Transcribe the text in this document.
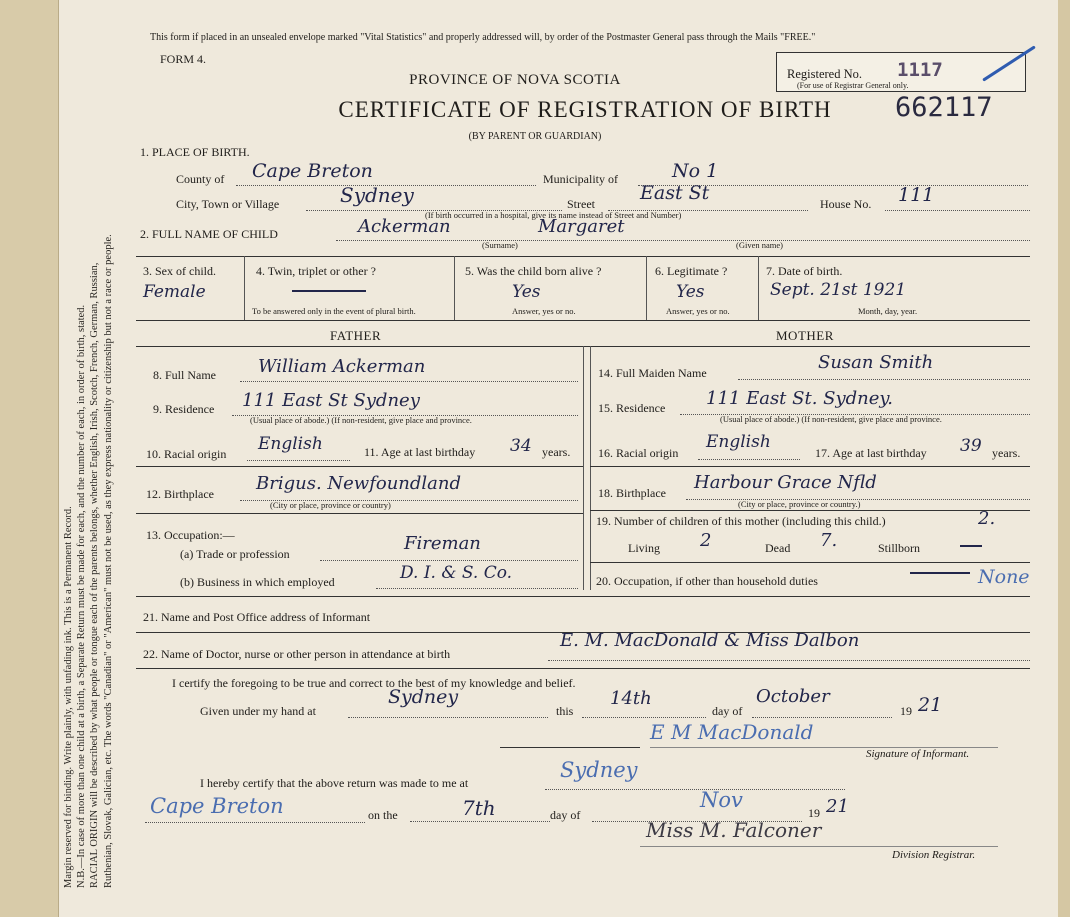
Margin reserved for binding. Write plainly, with unfading ink. This is a Permanent Record. N.B.—In case of more than one child at a birth, a Separate Return must be made for each, and the number of each, in order of birth, stated. RACIAL ORIGIN will be described by what people or tongue each of the parents belongs, whether English, Irish, Scotch, French, German, Russian, Ruthenian, Slovak, Galician, etc. The words "Canadian" or "American" must not be used, as they express nationality or citizenship but not a race or people.
This form if placed in an unsealed envelope marked "Vital Statistics" and properly addressed will, by order of the Postmaster General pass through the Mails "FREE."
FORM 4.
PROVINCE OF NOVA SCOTIA
CERTIFICATE OF REGISTRATION OF BIRTH
(BY PARENT OR GUARDIAN)
662117
Registered No. 1117
(For use of Registrar General only.
1. PLACE OF BIRTH.
County of Cape Breton	Municipality of	No 1
City, Town or Village	Sydney	Street East St	House No. 111
(If birth occurred in a hospital, give its name instead of Street and Number)
2. FULL NAME OF CHILD	Ackerman	Margaret
(Surname)	(Given name)
3. Sex of child.
Female
4. Twin, triplet or other ?
To be answered only in the event of plural birth.
5. Was the child born alive ?
Yes
Answer, yes or no.
6. Legitimate ?
Yes
Answer, yes or no.
7. Date of birth.
Sept. 21st 1921
Month, day, year.
FATHER	MOTHER
8. Full Name William Ackerman
9. Residence 111 East St Sydney
(Usual place of abode.) (If non-resident, give place and province.
10. Racial origin English	11. Age at last birthday 34 years.
12. Birthplace Brigus. Newfoundland
(City or place, province or country)
13. Occupation:—
(a) Trade or profession	Fireman
(b) Business in which employed	D. I. & S. Co.
14. Full Maiden Name	Susan Smith
15. Residence 111 East St. Sydney.
(Usual place of abode.) (If non-resident, give place and province.
16. Racial origin
English
17. Age at last birthday 39 years.
18. Birthplace Harbour Grace Nfld
(City or place, province or country.)
19. Number of children of this mother (including this child.)	2.
Living 2	Dead 7.	Stillborn
20. Occupation, if other than household duties	None
21. Name and Post Office address of Informant
22. Name of Doctor, nurse or other person in attendance at birth
E. M. MacDonald & Miss Dalbon
I certify the foregoing to be true and correct to the best of my knowledge and belief.
Given under my hand at
Sydney
this
14th
day of
October
19 21
E M MacDonald
Signature of Informant.
I hereby certify that the above return was made to me at
Sydney
Cape Breton	on the	7th	day of
Nov
19 21
Miss M. Falconer
Division Registrar.
